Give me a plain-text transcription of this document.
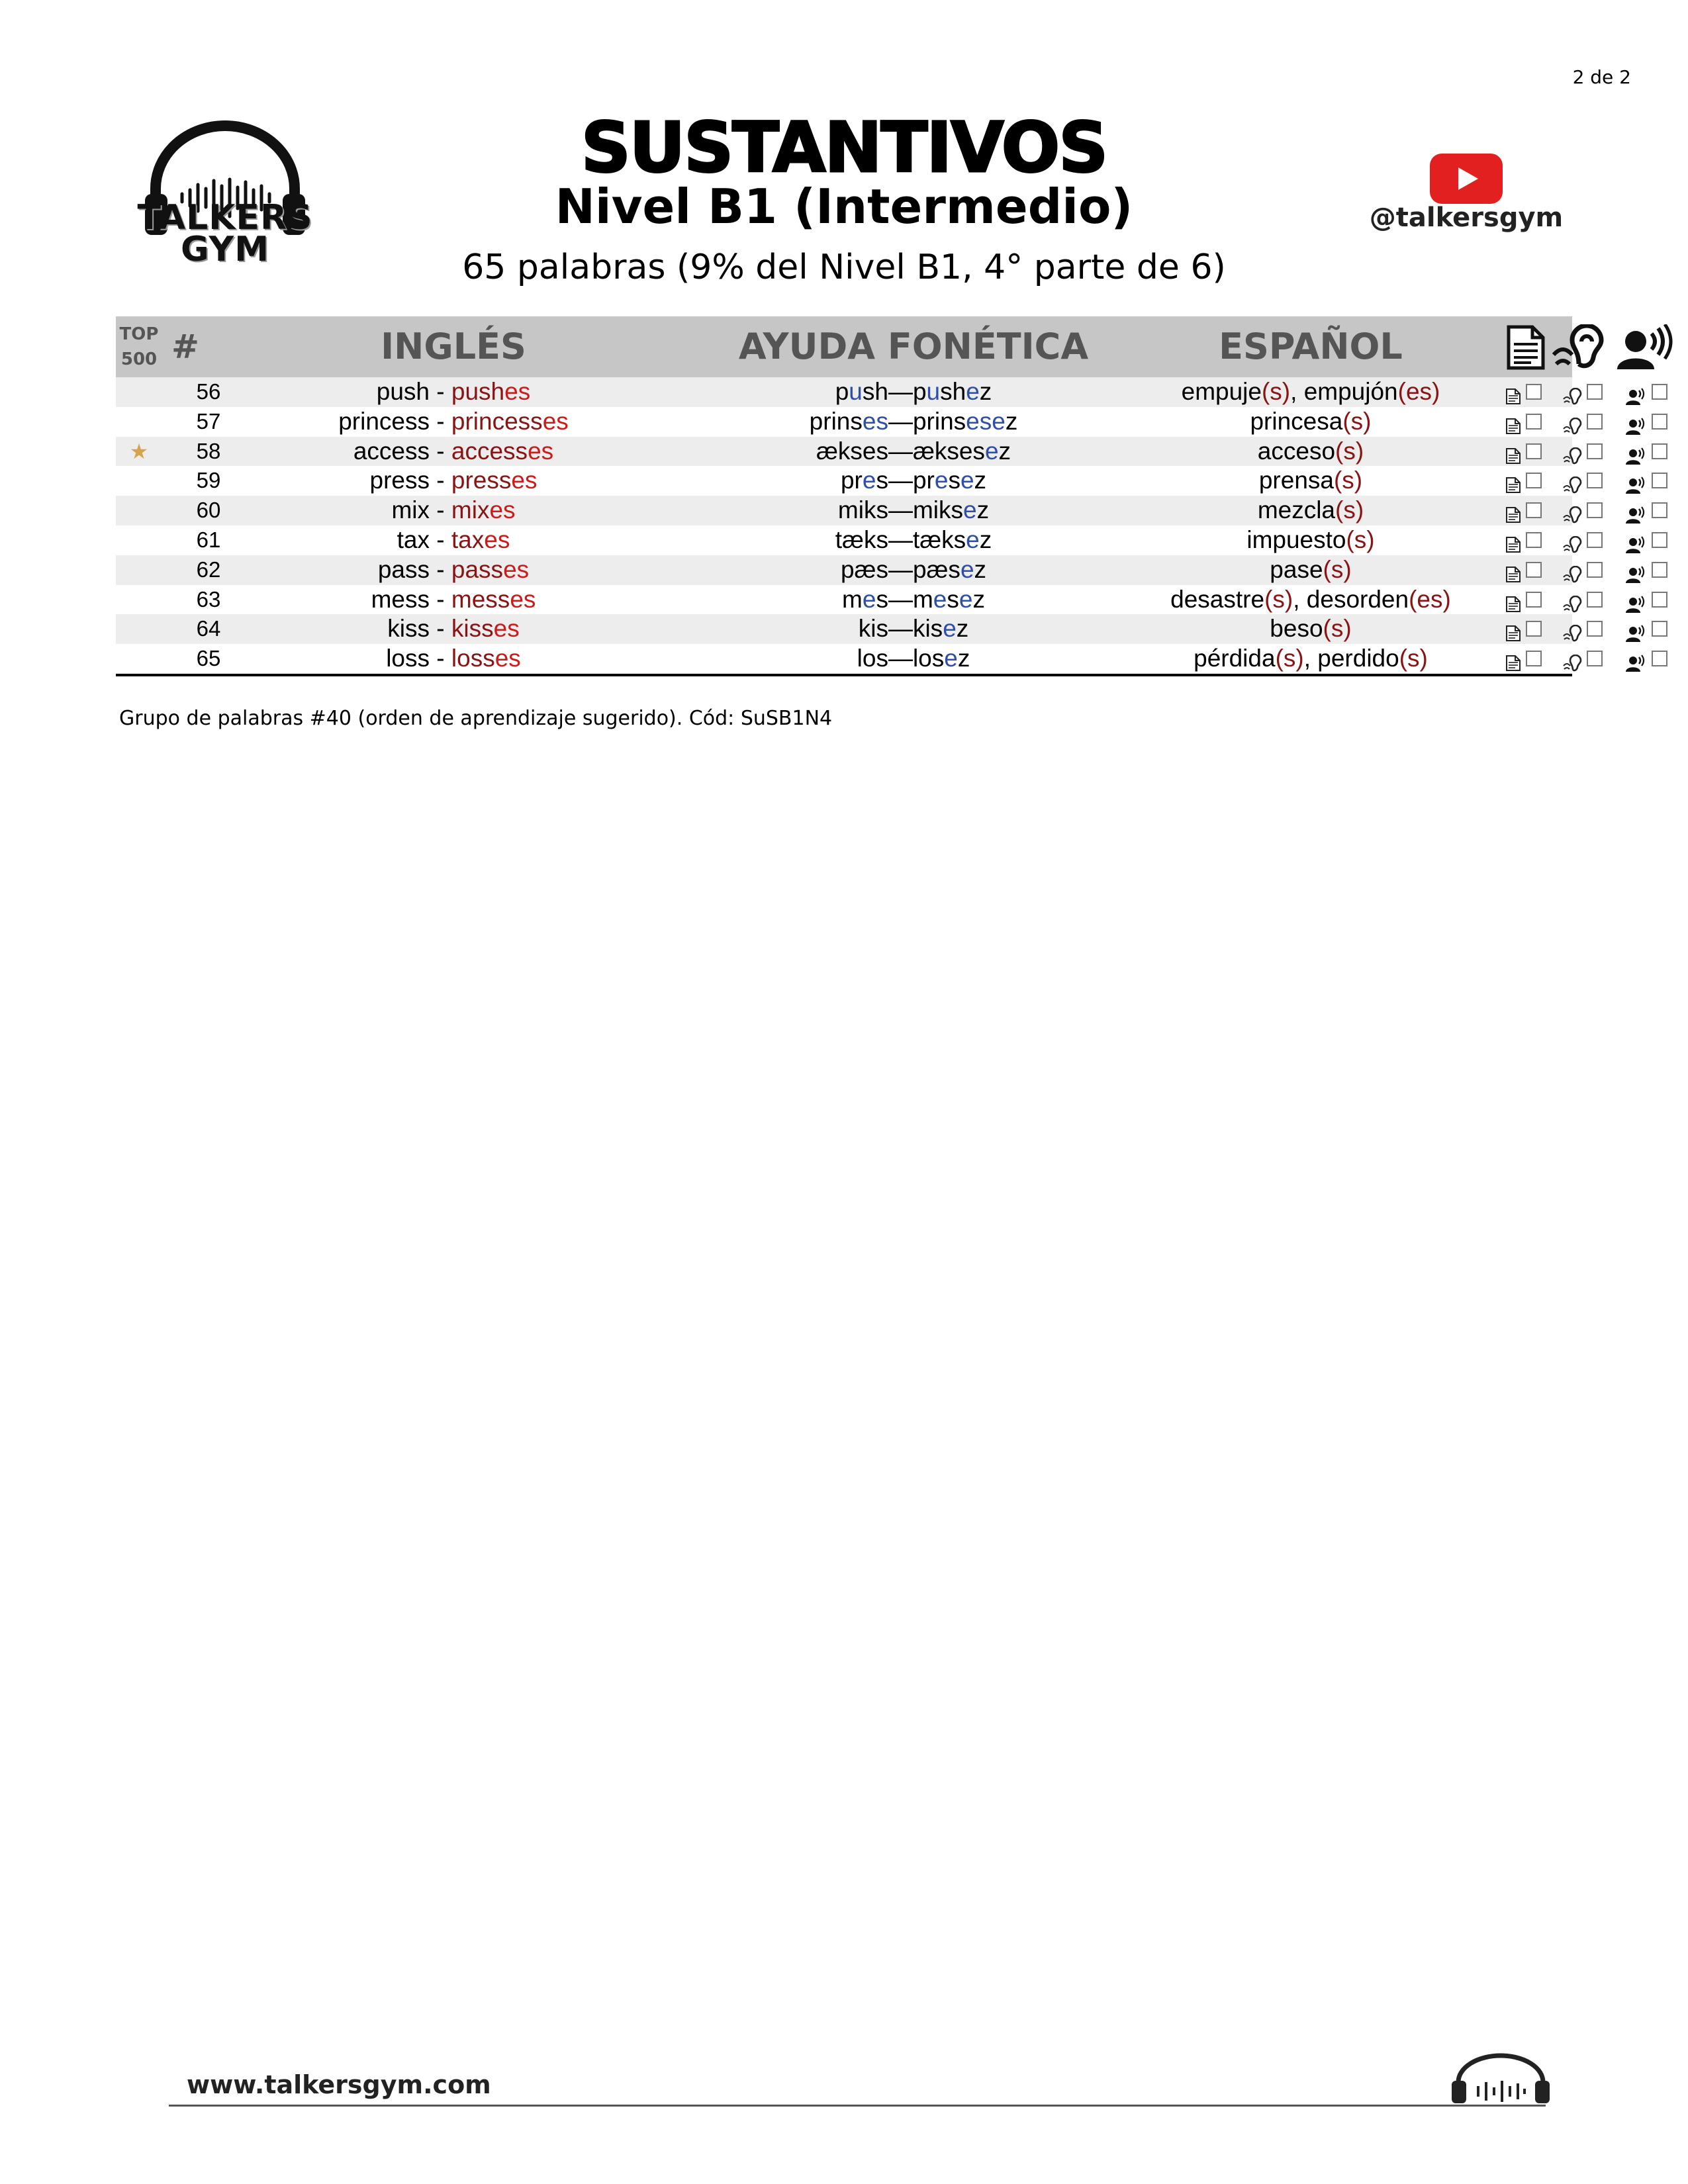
2 de 2
TALKERS
GYM
SUSTANTIVOS
Nivel B1 (Intermedio)
65 palabras (9% del Nivel B1, 4° parte de 6)
@talkersgym
TOP
500 #	INGLÉS	AYUDA FONÉTICA	ESPAÑOL
56	push - pushes	push—pushez	empuje(s), empujón(es)
57	princess - princesses	prinses—prinsesez	princesa(s)
★	58	access - accesses	ækses—æksesez	acceso(s)
59	press - presses	pres—presez	prensa(s)
60	mix - mixes	miks—miksez	mezcla(s)
61	tax - taxes	tæks—tæksez	impuesto(s)
62	pass - passes	pæs—pæsez	pase(s)
63	mess - messes	mes—mesez	desastre(s), desorden(es)
64	kiss - kisses	kis—kisez	beso(s)
65	loss - losses	los—losez	pérdida(s), perdido(s)
Grupo de palabras #40 (orden de aprendizaje sugerido). Cód: SuSB1N4
www.talkersgym.com
